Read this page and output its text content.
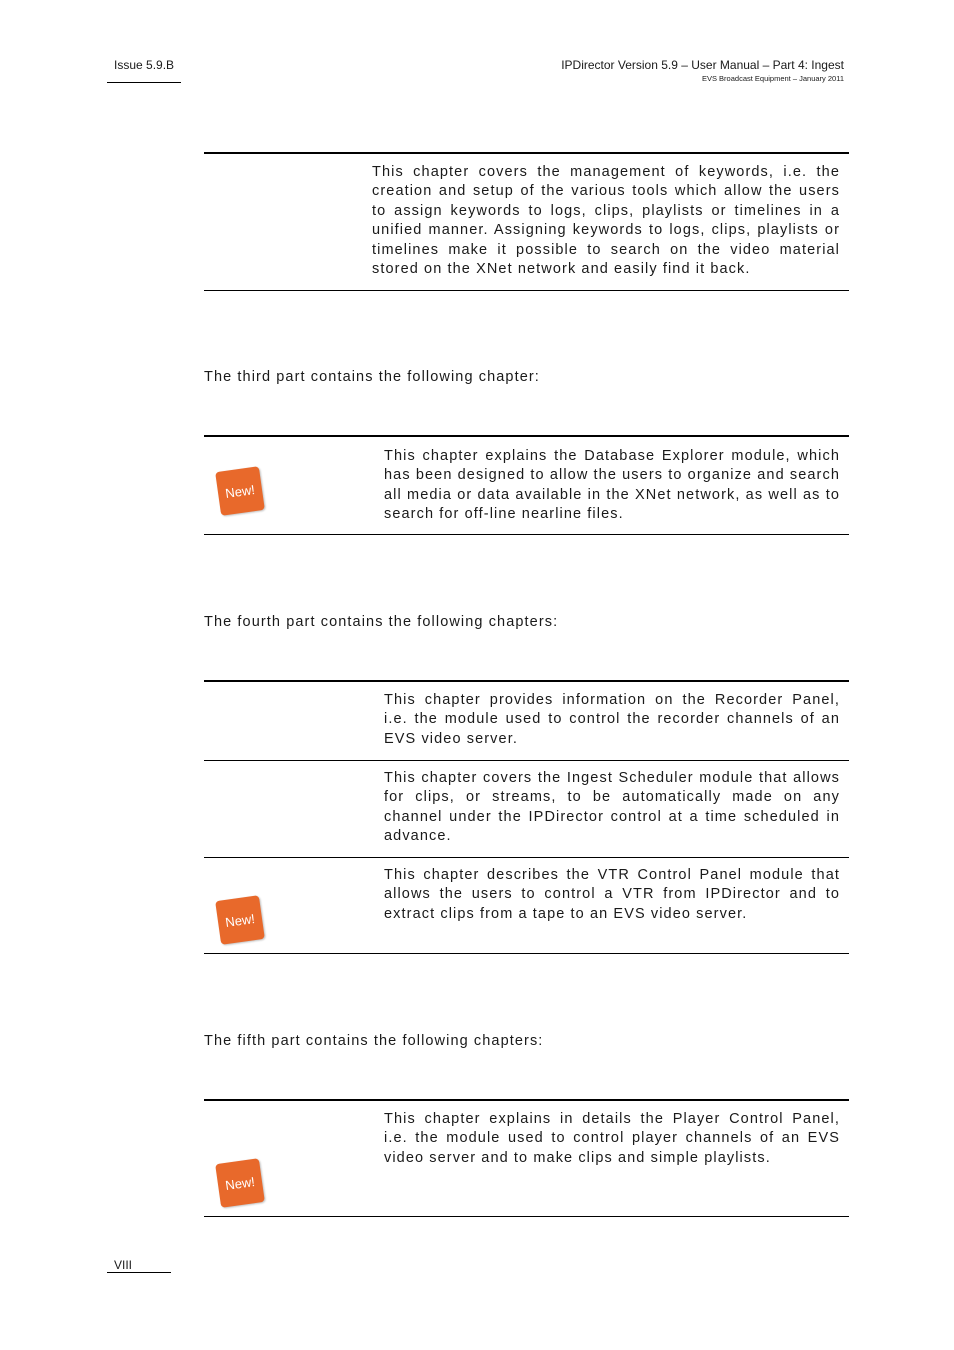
Issue 5.9.B	IPDirector Version 5.9 – User Manual – Part 4: Ingest
EVS Broadcast Equipment – January 2011

This chapter covers the management of keywords, i.e. the creation and setup of the various tools which allow the users to assign keywords to logs, clips, playlists or timelines in a unified manner. Assigning keywords to logs, clips, playlists or timelines make it possible to search on the video material stored on the XNet network and easily find it back.

The third part contains the following chapter:
New!

This chapter explains the Database Explorer module, which has been designed to allow the users to organize and search all media or data available in the XNet network, as well as to search for off-line nearline files.

The fourth part contains the following chapters:

This chapter provides information on the Recorder Panel, i.e. the module used to control the recorder channels of an EVS video server.

This chapter covers the Ingest Scheduler module that allows for clips, or streams, to be automatically made on any channel under the IPDirector control at a time scheduled in advance.

New!

This chapter describes the VTR Control Panel module that allows the users to control a VTR from IPDirector and to extract clips from a tape to an EVS video server.

The fifth part contains the following chapters:
New!

This chapter explains in details the Player Control Panel, i.e. the module used to control player channels of an EVS video server and to make clips and simple playlists.

VIII
